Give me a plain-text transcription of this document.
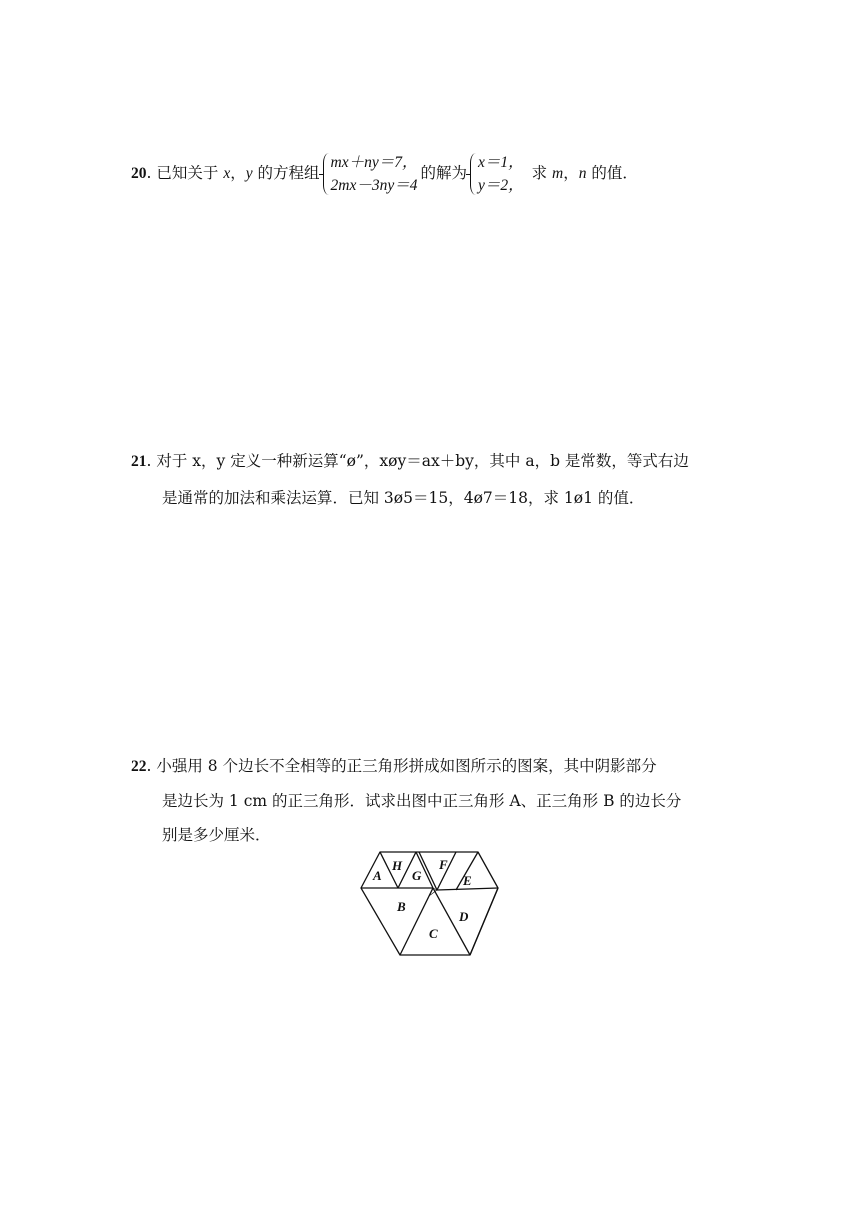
20. 已知关于 x，y 的方程组
mx＋ny＝7，
2mx－3ny＝4
的解为
x＝1，
y＝2，
求 m，n 的值．
21. 对于 x，y 定义一种新运算“ø”，xøy＝ax＋by，其中 a，b 是常数，等式右边
是通常的加法和乘法运算．已知 3ø5＝15，4ø7＝18，求 1ø1 的值．
22. 小强用 8 个边长不全相等的正三角形拼成如图所示的图案，其中阴影部分
是边长为 1 cm 的正三角形．试求出图中正三角形 A、正三角形 B 的边长分
别是多少厘米．
A
H
G
F
E
B
D
C
